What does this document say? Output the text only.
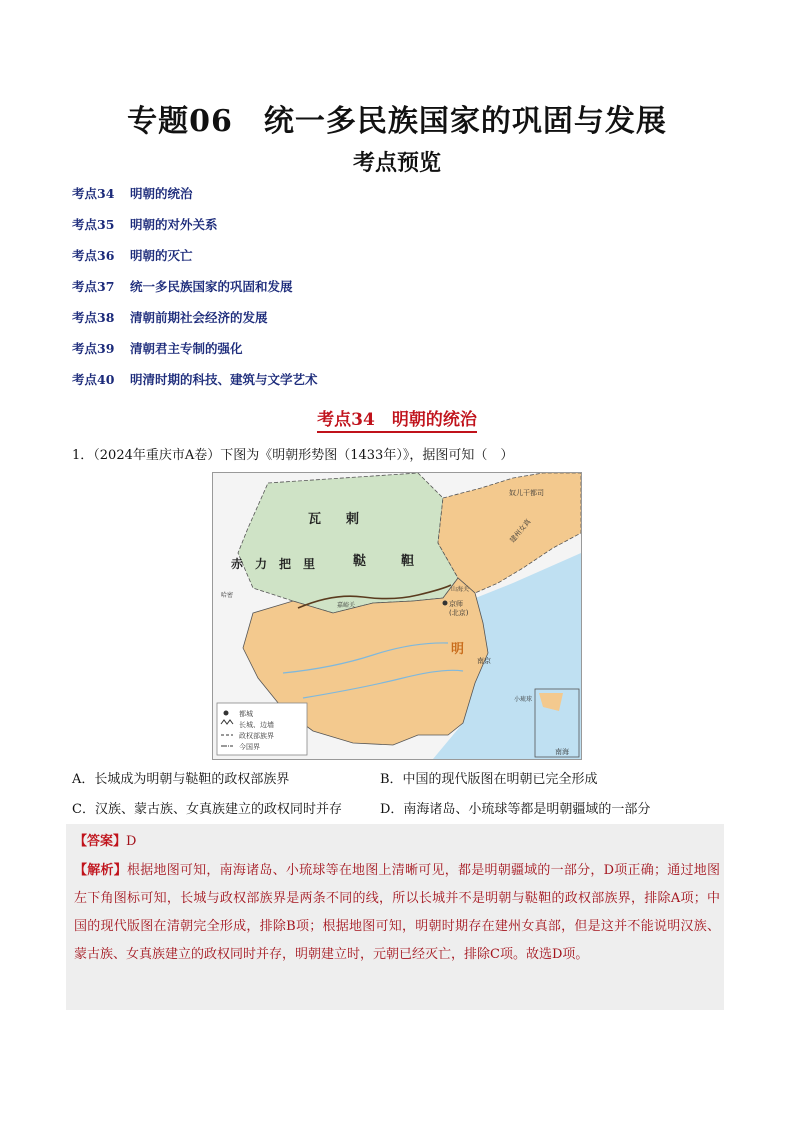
专题06　统一多民族国家的巩固与发展
考点预览
考点34 明朝的统治
考点35 明朝的对外关系
考点36 明朝的灭亡
考点37 统一多民族国家的巩固和发展
考点38 清朝前期社会经济的发展
考点39 清朝君主专制的强化
考点40 明清时期的科技、建筑与文学艺术
考点34　明朝的统治
1．（2024年重庆市A卷）下图为《明朝形势图（1433年）》，据图可知（　）
都城
长城、边墙
政权部族界
今国界
瓦 剌
赤 力 把 里	鞑	靼
明
奴儿干都司
建州女真
山海关
京师
(北京)
南京
嘉峪关
小琉球
哈密
南海
A．长城成为明朝与鞑靼的政权部族界	B．中国的现代版图在明朝已完全形成
C．汉族、蒙古族、女真族建立的政权同时并存	D．南海诸岛、小琉球等都是明朝疆域的一部分
【答案】D
【解析】根据地图可知，南海诸岛、小琉球等在地图上清晰可见，都是明朝疆域的一部分，D项正确；通过地图左下角图标可知，长城与政权部族界是两条不同的线，所以长城并不是明朝与鞑靼的政权部族界，排除A项；中国的现代版图在清朝完全形成，排除B项；根据地图可知，明朝时期存在建州女真部，但是这并不能说明汉族、蒙古族、女真族建立的政权同时并存，明朝建立时，元朝已经灭亡，排除C项。故选D项。
